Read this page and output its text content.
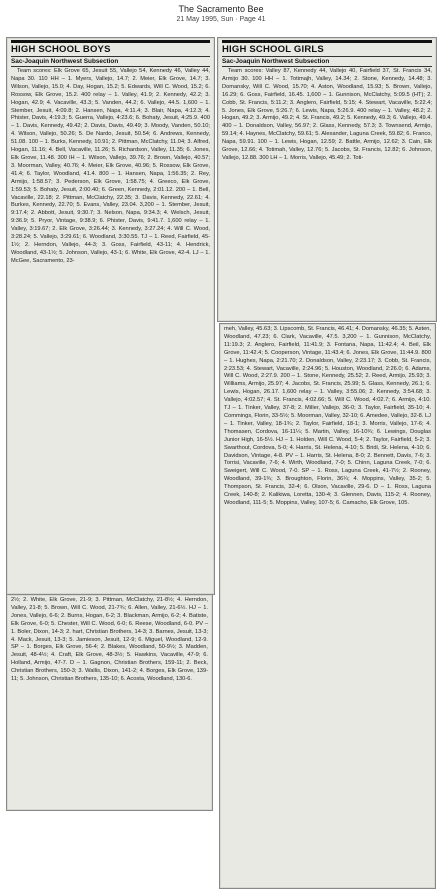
The Sacramento Bee
21 May 1995, Sun · Page 41
HIGH SCHOOL BOYS
Sac-Joaquin Northwest Subsection

Team scores: Elk Grove 65, Jesuit 55, Vallejo 54, Kennedy 46, Valley 44, Napa 30. 110 HH – 1. Myers, Vallejo, 14.7; 2. Meier, Elk Grove, 14.7; 3. Wilson, Vallejo, 15.0; 4. Day, Hogan, 15.2; 5. Edwards, Will C. Wood, 15.2; 6. Rossow, Elk Grove, 15.2. 400 relay – 1. Valley, 41.9; 2. Kennedy, 42.2; 3. Hogan, 42.9; 4. Vacaville, 43.3; 5. Vanden, 44.2; 6. Vallejo, 44.5. 1,600 – 1. Stember, Jesuit, 4:09.8; 2. Hansen, Napa, 4:11.4; 3. Blair, Napa, 4:12.3; 4. Phister, Davis, 4:19.3; 5. Guerra, Vallejo, 4:23.6; 6. Bohaty, Jesuit, 4:25.9. 400 – 1. Davis, Kennedy, 49.42; 2. Davis, Davis, 49.49; 3. Moody, Vanden, 50.10; 4. Wilson, Vallejo, 50.26; 5. De Nardo, Jesuit, 50.54; 6. Andrews, Kennedy, 51.08. 100 – 1. Burks, Kennedy, 10.91; 2. Pittman, McClatchy, 11.04; 3. Alfred, Hogan, 11.16; 4. Bell, Vacaville, 11.26; 5. Richardson, Valley, 11.35; 6. Jones, Elk Grove, 11.48. 300 IH – 1. Wilson, Vallejo, 39.76; 2. Brown, Vallejo, 40.57; 3. Moorman, Valley, 40.76; 4. Meier, Elk Grove, 40.96; 5. Rossow, Elk Grove, 41.4; 6. Taylor, Woodland, 41.4. 800 – 1. Hansen, Napa, 1:56.35; 2. Rey, Armijo, 1:58.57; 3. Pederson, Elk Grove, 1:58.75; 4. Greeco, Elk Grove, 1:59.53; 5. Bohaty, Jesuit, 2:00.40; 6. Green, Kennedy, 2:01.12. 200 – 1. Bell, Vacaville, 22.18; 2. Pittman, McClatchy, 22.35; 3. Davis, Kennedy, 22.61; 4. Burkes, Kennedy, 22.70; 5. Evans, Valley, 23.04. 3,200 – 1. Stember, Jesuit, 9:17.4; 2. Abbott, Jesuit, 9:30.7; 3. Nelson, Napa, 9:34.3; 4. Welsch, Jesuit, 9:36.9; 5. Pryor, Vintage, 9:38.9; 6. Phister, Davis, 9:41.7. 1,600 relay – 1. Valley, 3:19.67; 2. Elk Grove, 3:26.44; 3. Kennedy, 3:27.24; 4. Will C. Wood, 3:28.24; 5. Vallejo, 3:29.61; 6. Woodland, 3:30.55. TJ – 1. Reed, Fairfield, 45-1½; 2. Herndon, Vallejo, 44-3; 3. Goss, Fairfield, 43-11; 4. Hendrick, Woodland, 43-1½; 5. Johnson, Vallejo, 43-1; 6. White, Elk Grove, 42-4. LJ – 1. McGee, Sacramento, 23-

2½; 2. White, Elk Grove, 21-9; 3. Pittman, McClatchy, 21-8½; 4. Herndon, Valley, 21-8; 5. Brown, Will C. Wood, 21-7¾; 6. Allen, Valley, 21-6½. HJ – 1. Jones, Vallejo, 6-6; 2. Burns, Hogan, 6-2; 3. Blackman, Armijo, 6-2; 4. Batiste, Elk Grove, 6-0; 5. Chester, Will C. Wood, 6-0; 6. Reese, Woodland, 6-0. PV – 1. Boler, Dixon, 14-3; 2. hart, Christian Brothers, 14-3; 3. Barnes, Jesuit, 13-3; 4. Mack, Jesuit, 13-3; 5. Jamieson, Jesuit, 12-9; 6. Miguel, Woodland, 12-9. SP – 1. Borges, Elk Grove, 56-4; 2. Blakes, Woodland, 50-9½; 3. Madden, Jesuit, 48-4½; 4. Craft, Elk Grove, 48-3½; 5. Hawkins, Vacaville, 47-9; 6. Holland, Armijo, 47-7. D – 1. Gagnon, Christian Brothers, 159-11; 2. Beck, Christian Brothers, 150-3; 3. Wallis, Dixon, 141-2; 4. Borges, Elk Grove, 139-11; 5. Johnson, Christian Brothers, 135-10; 6. Acosta, Woodland, 130-6.

HIGH SCHOOL GIRLS
Sac-Joaquin Northwest Subsection

Team scores: Valley 87, Kennedy 44, Vallejo 40, Fairfield 37, St. Francis 34, Armijo 30. 100 HH – 1. Totimajh, Valley, 14.34; 2. Stone, Kennedy, 14.48; 3. Domansky, Will C. Wood, 15.70; 4. Aston, Woodland, 15.93; 5. Brown, Vallejo, 16.29; 6. Goss, Fairfield, 16.45. 1,600 – 1. Gunnison, McClatchy, 5:09.5 (HT); 2. Cobb, St. Francis, 5:11.2; 3. Anglero, Fairfield, 5:15; 4. Stewart, Vacaville, 5:22.4; 5. Jones, Elk Grove, 5:26.7; 6. Lewis, Napa, 5:26.9. 400 relay – 1. Valley, 48.2; 2. Hogan, 49.2; 3. Armijo, 49.2; 4. St. Francis, 49.2; 5. Kennedy, 49.3; 6. Vallejo, 49.4. 400 – 1. Donaldson, Valley, 56.97; 2. Glass, Kennedy, 57.3; 3. Townsend, Armijo, 59.14; 4. Haynes, McClatchy, 59.61; 5. Alexander, Laguna Creek, 59.82; 6. Franco, Napa, 59.91. 100 – 1. Lewis, Hogan, 12.59; 2. Battle, Armijo, 12.62; 3. Cain, Elk Grove, 12.66; 4. Totimah, Valley, 12.76; 5. Jacobs, St. Francis, 12.82; 6. Johnson, Vallejo, 12.88. 300 LH – 1. Morris, Vallejo, 45.49; 2. Toti-

meh, Valley, 45.63; 3. Lipscomb, St. Francis, 46.41; 4. Domansky, 46.35; 5. Asten, Woodland, 47.23; 6. Clark, Vacaville, 47.5. 3,200 – 1. Gunnison, McClatchy, 11:19.3; 2. Anglero, Fairfield, 11:41.9; 3. Fontana, Napa, 11:42.4; 4. Beil, Elk Grove, 11:42.4; 5. Cooperson, Vintage, 11:43.4; 6. Jones, Elk Grove, 11:44.9. 800 – 1. Hughes, Napa, 2:21.70; 2. Donaldson, Valley, 2:23.17; 3. Cobb, St. Francis, 2:23.53; 4. Stewart, Vacaville, 2:24.96; 5. Houston, Woodland, 2:26.0; 6. Adams, Will C. Wood, 2:27.9. 200 – 1. Stone, Kennedy, 25.52; 2. Reed, Armijo, 25.93; 3. Williams, Armijo, 25.97; 4. Jacobs, St. Francis, 25.99; 5. Glass, Kennedy, 26.1; 6. Lewis, Hogan, 26.17. 1,600 relay – 1. Valley, 3:55.06; 2. Kennedy, 3:54.68; 3. Vallejo, 4:02.57; 4. St. Francis, 4:02.66; 5. Will C. Wood, 4:02.7; 6. Armijo, 4:10. TJ – 1. Tinker, Valley, 37-8; 2. Miller, Vallejo, 36-0; 3. Taylor, Fairfield, 35-10; 4. Commings, Florin, 33-5½; 5. Moorman, Valley, 32-10; 6. Amedee, Vallejo, 32-8. LJ – 1. Tinker, Valley, 18-1¾; 2. Taylor, Fairfield, 18-1; 3. Morris, Vallejo, 17-6; 4. Thomasen, Cordova, 16-11¼; 5. Martin, Valley, 16-10¾; 6. Lewings, Douglas Junior High, 16-5½. HJ – 1. Holden, Will C. Wood, 5-4; 2. Taylor, Fairfield, 5-2; 3. Swarthout, Cordova, 5-0; 4. Harris, St. Helena, 4-10; 5. Bridi, St. Helena, 4-10; 6. Davidson, Vintage, 4-8. PV – 1. Harris, St. Helena, 8-0; 2. Bennett, Davis, 7-6; 3. Torrisi, Vacaville, 7-6; 4. Wirth, Woodland, 7-0; 5. Chinn, Laguna Creek, 7-0; 6. Sweigert, Will C. Wood, 7-0. SP – 1. Ross, Laguna Creek, 41-7½; 2. Rooney, Woodland, 39-1¾; 3. Broughton, Florin, 36¼; 4. Moppins, Valley, 35-2; 5. Thompson, St. Francis, 32-4; 6. Olson, Vacaville, 29-6. D – 1. Ross, Laguna Creek, 140-8; 2. Kalikiwa, Loretta, 130-4; 3. Glennen, Davis, 115-2; 4. Rooney, Woodland, 111-5; 5. Moppins, Valley, 107-5; 6. Camacho, Elk Grove, 105.
